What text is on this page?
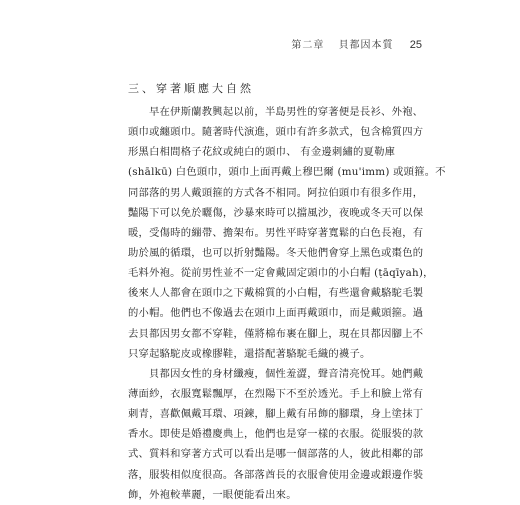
第二章 貝都因本質 25
三、穿著順應大自然
早在伊斯蘭教興起以前，半島男性的穿著便是長衫、外袍、
頭巾或纏頭巾。隨著時代演進，頭巾有許多款式，包含棉質四方
形黑白相間格子花紋或純白的頭巾、 有金邊刺繡的夏勒庫
(shālkū) 白色頭巾，頭巾上面再戴上穆巴爾 (mu'imm) 或頭箍。不
同部落的男人戴頭箍的方式各不相同。阿拉伯頭巾有很多作用，
豔陽下可以免於曬傷，沙暴來時可以擋風沙，夜晚或冬天可以保
暖，受傷時的繃帶、擔架布。男性平時穿著寬鬆的白色長袍，有
助於風的循環，也可以折射豔陽。冬天他們會穿上黑色或棗色的
毛料外袍。從前男性並不一定會戴固定頭巾的小白帽 (ṭāqīyah)，
後來人人都會在頭巾之下戴棉質的小白帽，有些還會戴駱駝毛製
的小帽。他們也不像過去在頭巾上面再戴頭巾，而是戴頭箍。過
去貝都因男女都不穿鞋，僅將棉布裹在腳上，現在貝都因腳上不
只穿起駱駝皮或橡膠鞋，還搭配著駱駝毛織的襪子。
貝都因女性的身材纖瘦，個性羞澀，聲音清亮悅耳。她們戴
薄面紗，衣服寬鬆飄厚，在烈陽下不至於透光。手上和臉上常有
刺青，喜歡佩戴耳環、項鍊，腳上戴有吊飾的腳環，身上塗抹丁
香水。即使是婚禮慶典上，他們也是穿一樣的衣服。從服裝的款
式、質料和穿著方式可以看出是哪一個部落的人，彼此相鄰的部
落，服裝相似度很高。各部落酋長的衣服會使用金邊或銀邊作裝
飾，外袍較華麗，一眼便能看出來。
